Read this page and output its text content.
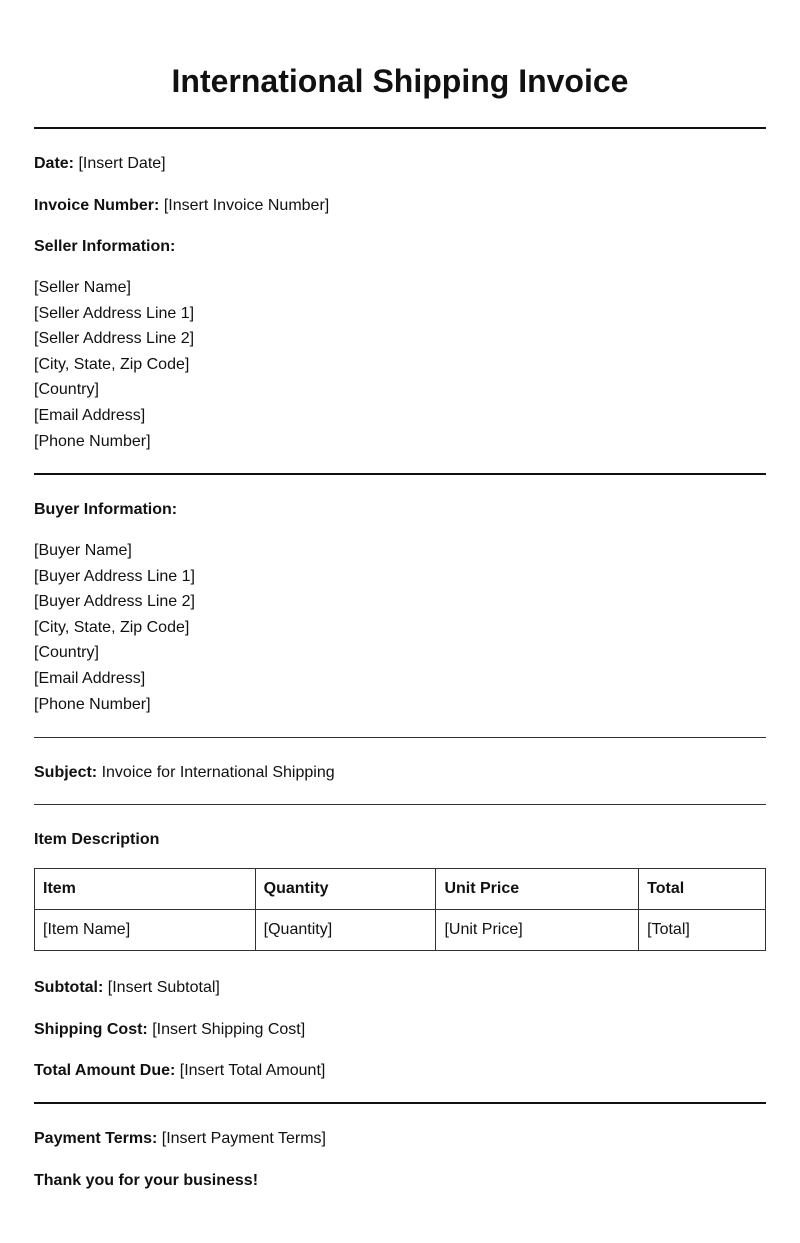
International Shipping Invoice
Date: [Insert Date]
Invoice Number: [Insert Invoice Number]
Seller Information:
[Seller Name]
[Seller Address Line 1]
[Seller Address Line 2]
[City, State, Zip Code]
[Country]
[Email Address]
[Phone Number]
Buyer Information:
[Buyer Name]
[Buyer Address Line 1]
[Buyer Address Line 2]
[City, State, Zip Code]
[Country]
[Email Address]
[Phone Number]
Subject: Invoice for International Shipping
Item Description
Item	Quantity	Unit Price	Total
[Item Name]	[Quantity]	[Unit Price]	[Total]
Subtotal: [Insert Subtotal]
Shipping Cost: [Insert Shipping Cost]
Total Amount Due: [Insert Total Amount]
Payment Terms: [Insert Payment Terms]
Thank you for your business!
